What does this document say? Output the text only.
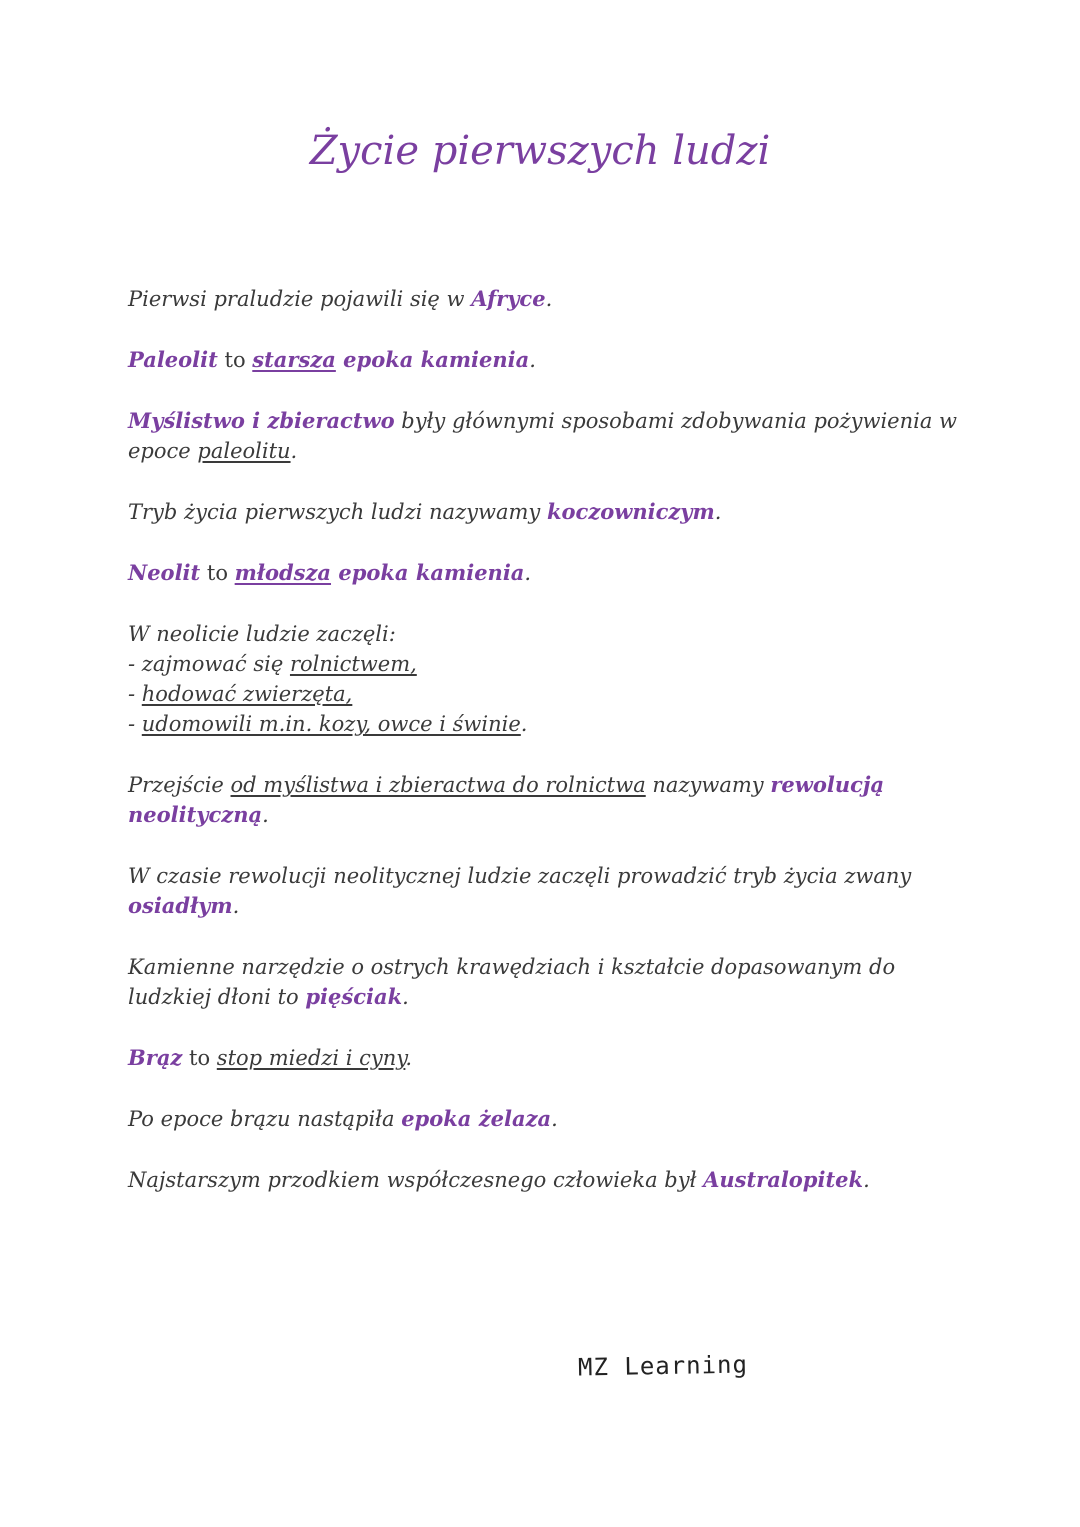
Życie pierwszych ludzi

Pierwsi praludzie pojawili się w Afryce.

Paleolit to starsza epoka kamienia.

Myślistwo i zbieractwo były głównymi sposobami zdobywania pożywienia w epoce paleolitu.

Tryb życia pierwszych ludzi nazywamy koczowniczym.

Neolit to młodsza epoka kamienia.

W neolicie ludzie zaczęli:

- zajmować się rolnictwem,

- hodować zwierzęta,

- udomowili m.in. kozy, owce i świnie.

Przejście od myślistwa i zbieractwa do rolnictwa nazywamy rewolucją neolityczną.

W czasie rewolucji neolitycznej ludzie zaczęli prowadzić tryb życia zwany osiadłym.

Kamienne narzędzie o ostrych krawędziach i kształcie dopasowanym do ludzkiej dłoni to pięściak.

Brąz to stop miedzi i cyny.

Po epoce brązu nastąpiła epoka żelaza.

Najstarszym przodkiem współczesnego człowieka był Australopitek.

MZ Learning
